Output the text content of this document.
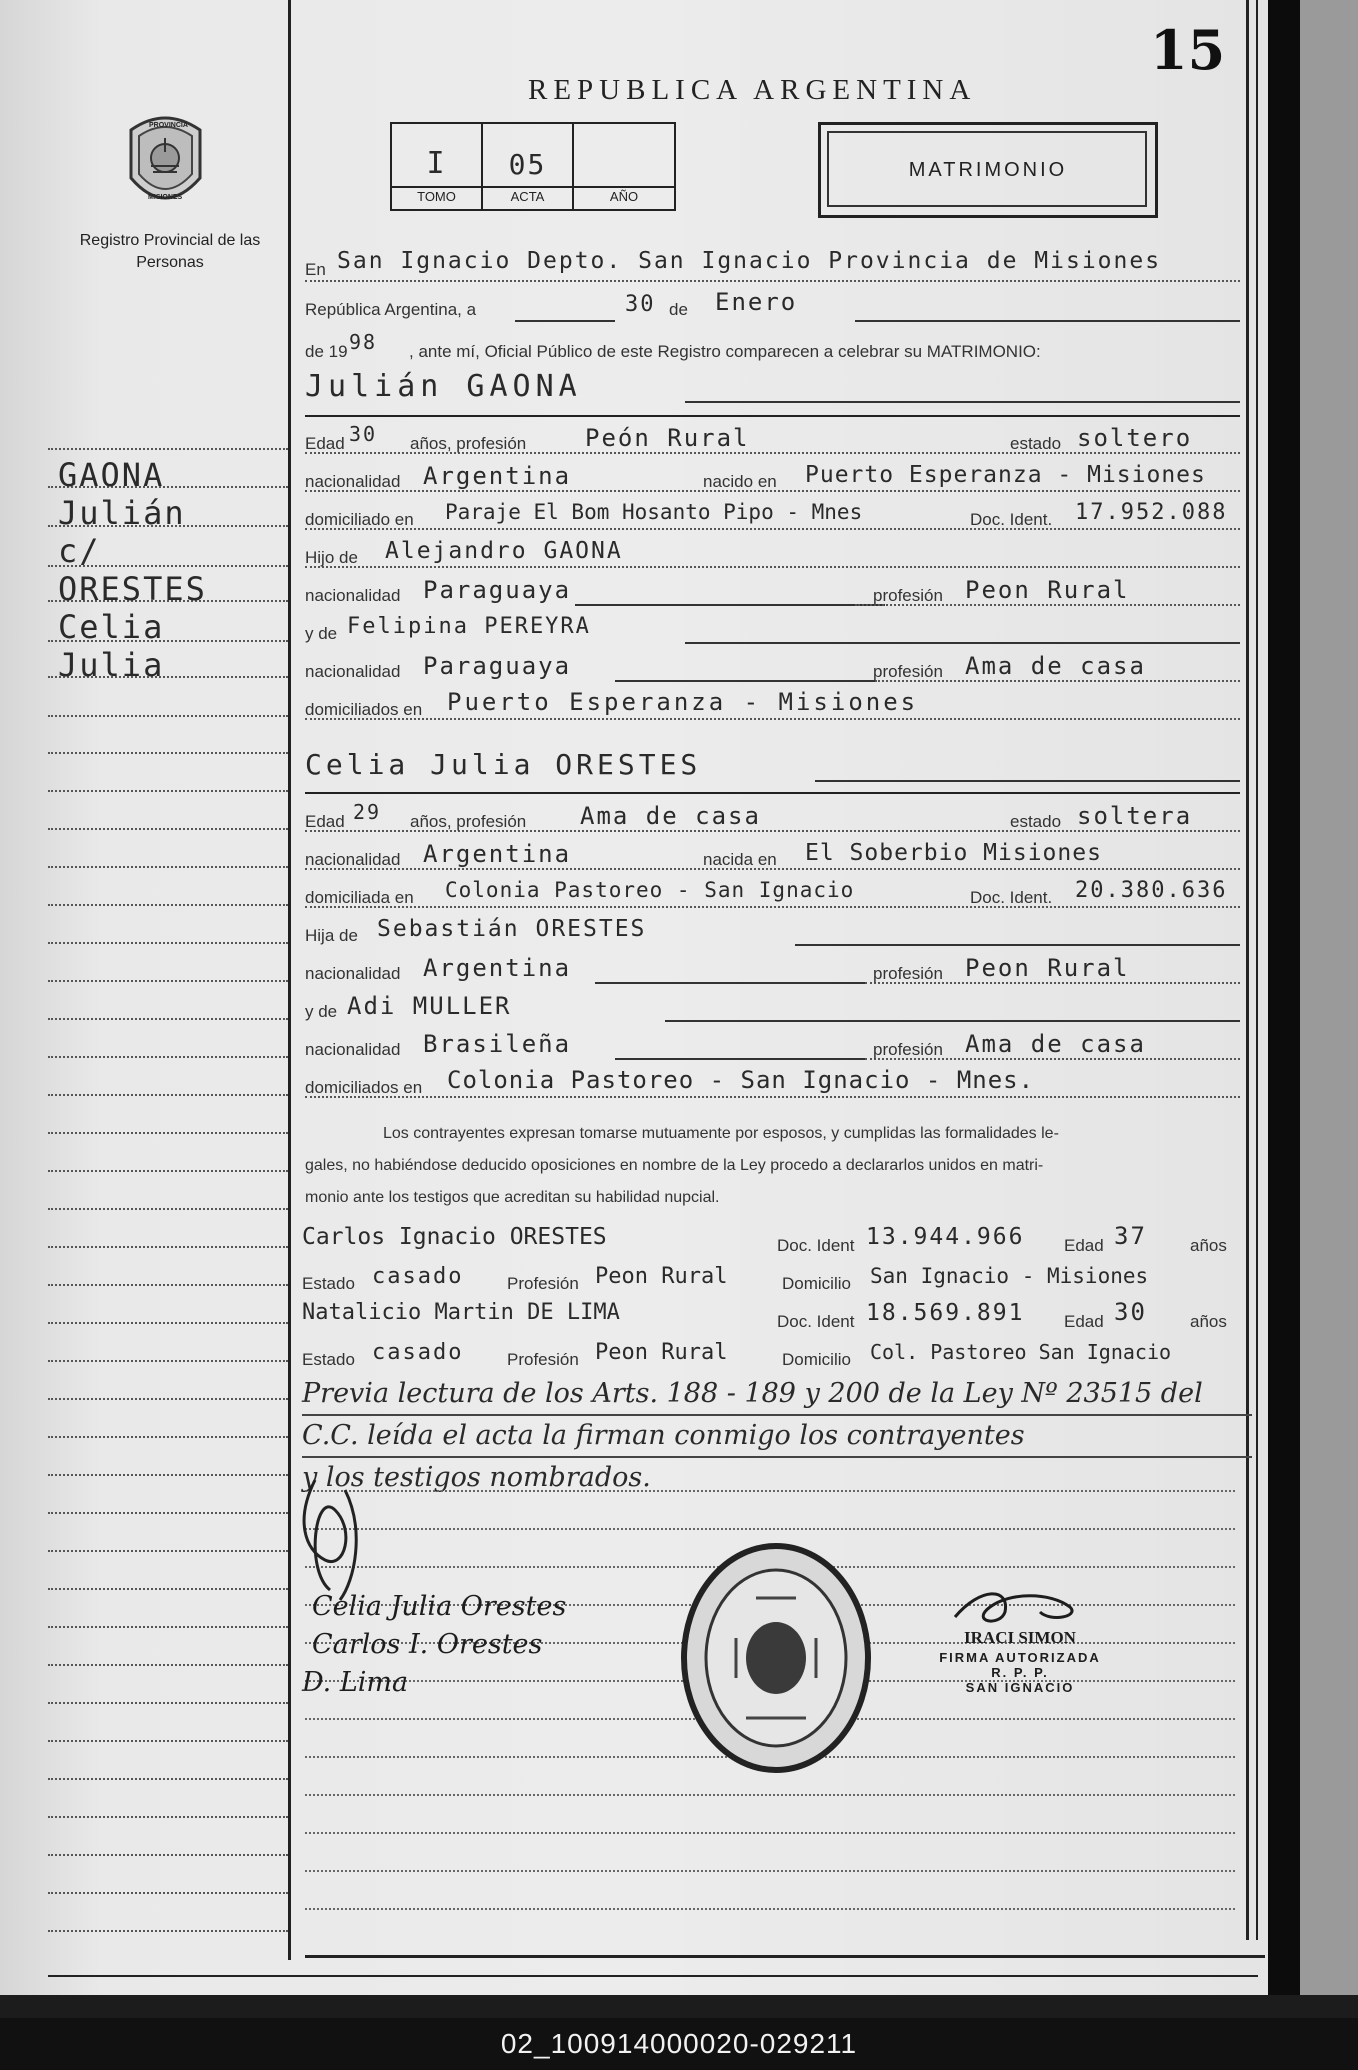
15
REPUBLICA ARGENTINA
PROVINCIA
MISIONES
Registro Provincial de las Personas
I	05
TOMO	ACTA	AÑO
MATRIMONIO
GAONA
Julián
c/
ORESTES
Celia
Julia
En San Ignacio Depto. San Ignacio Provincia de Misiones
República Argentina, a	30 de Enero
de 19 98 , ante mí, Oficial Público de este Registro comparecen a celebrar su MATRIMONIO:
Julián GAONA
Edad 30 años, profesión Peón Rural	estado soltero
nacionalidad Argentina	nacido en Puerto Esperanza - Misiones
domiciliado en Paraje El Bom Hosanto Pipo - Mnes	Doc. Ident. 17.952.088
Hijo de Alejandro GAONA
nacionalidad Paraguaya	profesión Peon Rural
y de Felipina PEREYRA
nacionalidad Paraguaya	profesión Ama de casa
domiciliados en Puerto Esperanza - Misiones
Celia Julia ORESTES
Edad 29 años, profesión Ama de casa	estado soltera
nacionalidad Argentina	nacida en El Soberbio Misiones
domiciliada en Colonia Pastoreo - San Ignacio	Doc. Ident. 20.380.636
Hija de Sebastián ORESTES
nacionalidad Argentina	profesión Peon Rural
y de Adi MULLER
nacionalidad Brasileña	profesión Ama de casa
domiciliados en Colonia Pastoreo - San Ignacio - Mnes.
Los contrayentes expresan tomarse mutuamente por esposos, y cumplidas las formalidades le-
gales, no habiéndose deducido oposiciones en nombre de la Ley procedo a declararlos unidos en matri-
monio ante los testigos que acreditan su habilidad nupcial.
Carlos Ignacio ORESTES	Doc. Ident 13.944.966 Edad 37	años
Estado casado	Profesión Peon Rural	Domicilio San Ignacio - Misiones
Natalicio Martin DE LIMA	Doc. Ident 18.569.891 Edad 30	años
Estado casado	Profesión Peon Rural	Domicilio Col. Pastoreo San Ignacio
Previa lectura de los Arts. 188 - 189 y 200 de la Ley Nº 23515 del
C.C. leída el acta la firman conmigo los contrayentes
y los testigos nombrados.
Celia Julia Orestes
Carlos I. Orestes
D. Lima
IRACI SIMON
FIRMA AUTORIZADA
R. P. P.
SAN IGNACIO
02_100914000020-029211
